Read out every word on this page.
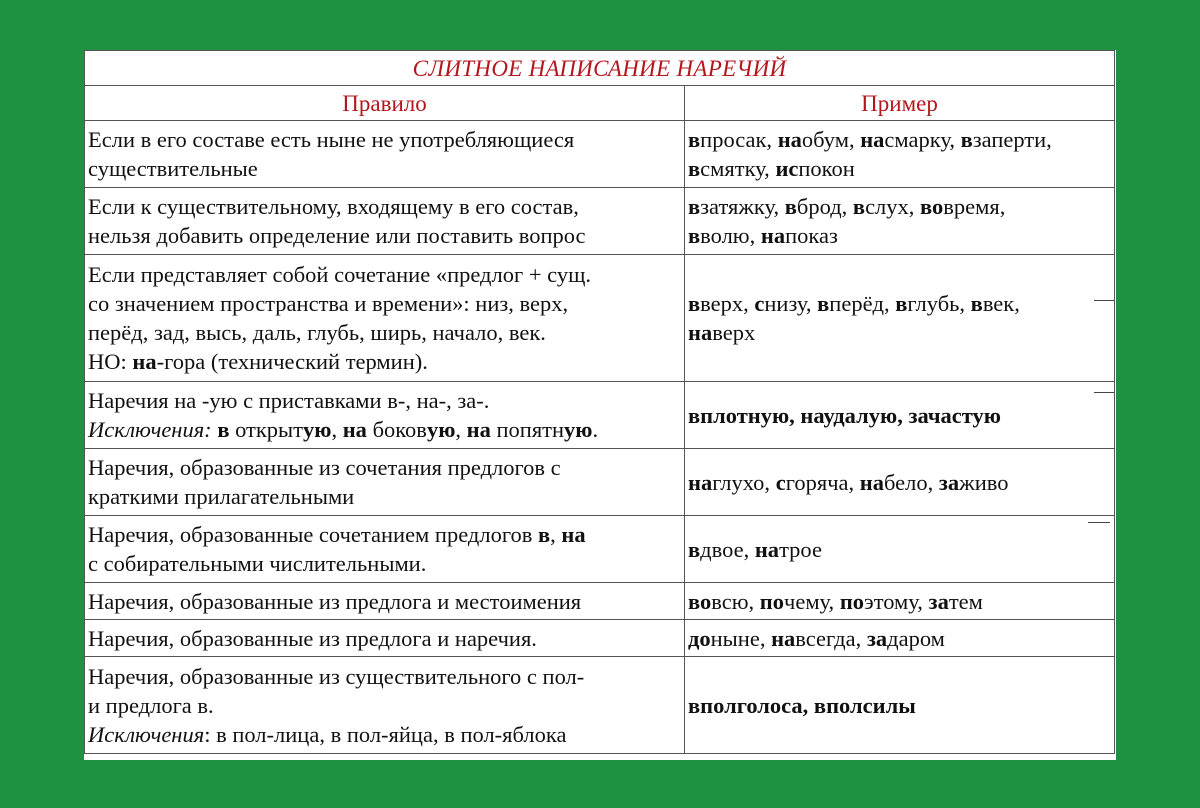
СЛИТНОЕ НАПИСАНИЕ НАРЕЧИЙ	
Правило	Пример

Если в его составе есть ныне не употребляющиеся
существительные	впросак, наобум, насмарку, взаперти,
всмятку, испокон

Если к существительному, входящему в его состав,
нельзя добавить определение или поставить вопрос	взатяжку, вброд, вслух, вовремя,
вволю, напоказ

Если представляет собой сочетание «предлог + сущ.
со значением пространства и времени»: низ, верх,
перёд, зад, высь, даль, глубь, ширь, начало, век.
НО: на-гора (технический термин).	вверх, снизу, вперёд, вглубь, ввек,
наверх

Наречия на -ую с приставками в-, на-, за-.
Исключения: в открытую, на боковую, на попятную.	вплотную, наудалую, зачастую

Наречия, образованные из сочетания предлогов с
краткими прилагательными	наглухо, сгоряча, набело, заживо

Наречия, образованные сочетанием предлогов в, на
с собирательными числительными.	вдвое, натрое

Наречия, образованные из предлога и местоимения	вовсю, почему, поэтому, затем

Наречия, образованные из предлога и наречия.	доныне, навсегда, задаром

Наречия, образованные из существительного с пол-
и предлога в.
Исключения: в пол-лица, в пол-яйца, в пол-яблока	вполголоса, вполсилы
